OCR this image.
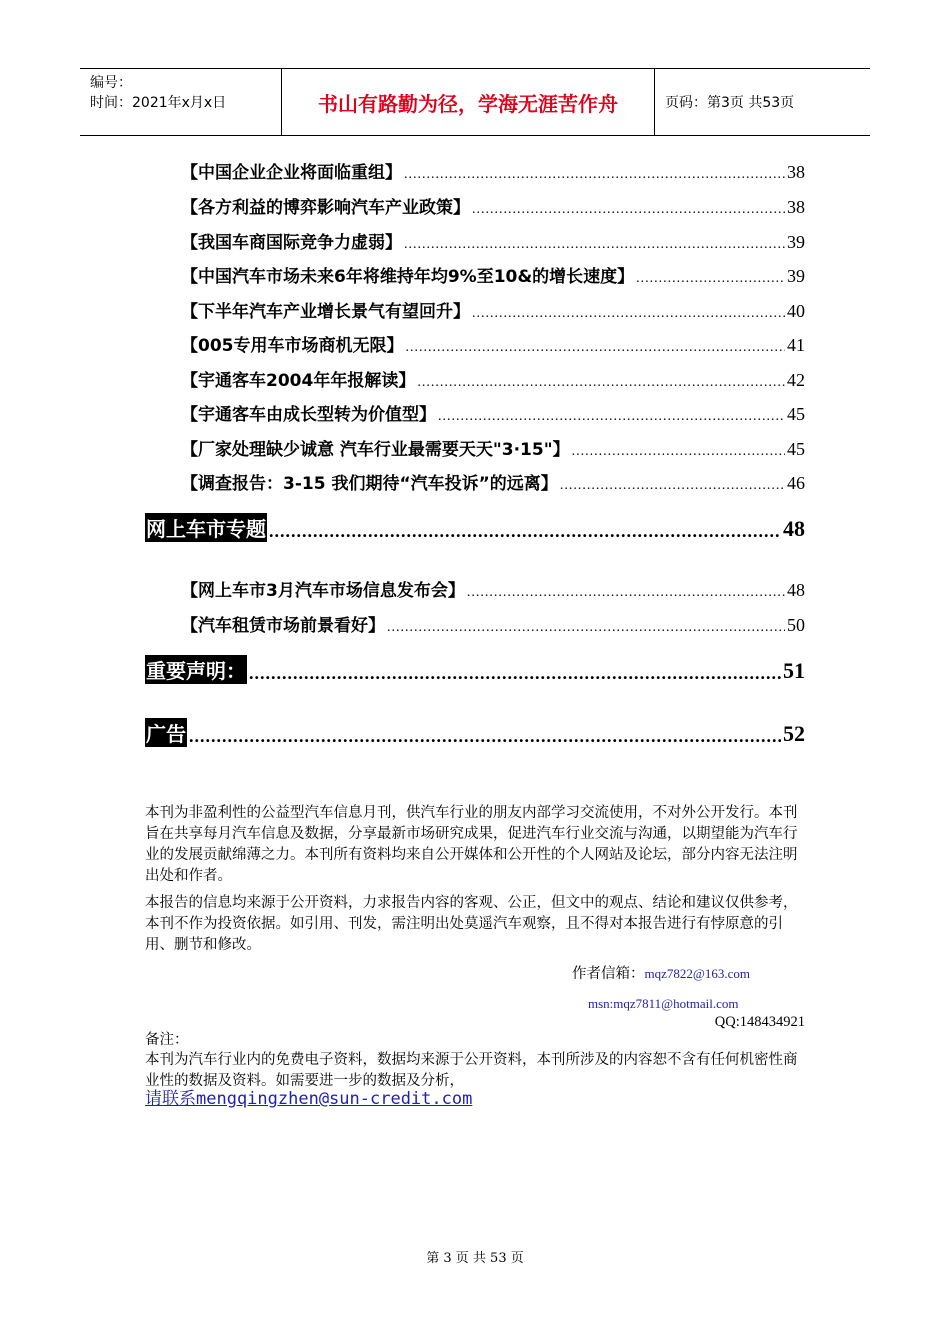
编号：
时间：2021年x月x日	书山有路勤为径，学海无涯苦作舟	页码：第3页 共53页
【中国企业企业将面临重组】 .....	38
【各方利益的博弈影响汽车产业政策】 .....	38
【我国车商国际竞争力虚弱】 .....	39
【中国汽车市场未来6年将维持年均9%至10&的增长速度】 .....	39
【下半年汽车产业增长景气有望回升】 .....	40
【005专用车市场商机无限】 .....	41
【宇通客车2004年年报解读】 .....	42
【宇通客车由成长型转为价值型】 .....	45
【厂家处理缺少诚意 汽车行业最需要天天"3·15"】 .....	45
【调查报告：3-15 我们期待“汽车投诉”的远离】 .....	46
网上车市专题 .....	48
【网上车市3月汽车市场信息发布会】 .....	48
【汽车租赁市场前景看好】 .....	50
重要声明： .....	51
广告 .....	52

本刊为非盈利性的公益型汽车信息月刊，供汽车行业的朋友内部学习交流使用，不对外公开发行。本刊旨在共享每月汽车信息及数据，分享最新市场研究成果，促进汽车行业交流与沟通，以期望能为汽车行业的发展贡献绵薄之力。本刊所有资料均来自公开媒体和公开性的个人网站及论坛，部分内容无法注明出处和作者。

本报告的信息均来源于公开资料，力求报告内容的客观、公正，但文中的观点、结论和建议仅供参考，本刊不作为投资依据。如引用、刊发，需注明出处莫遥汽车观察，且不得对本报告进行有悖原意的引用、删节和修改。

作者信箱：mqz7822@163.com
msn:mqz7811@hotmail.com
QQ:148434921
备注：

本刊为汽车行业内的免费电子资料，数据均来源于公开资料，本刊所涉及的内容恕不含有任何机密性商业性的数据及资料。如需要进一步的数据及分析，

请联系mengqingzhen@sun-credit.com
第 3 页 共 53 页
